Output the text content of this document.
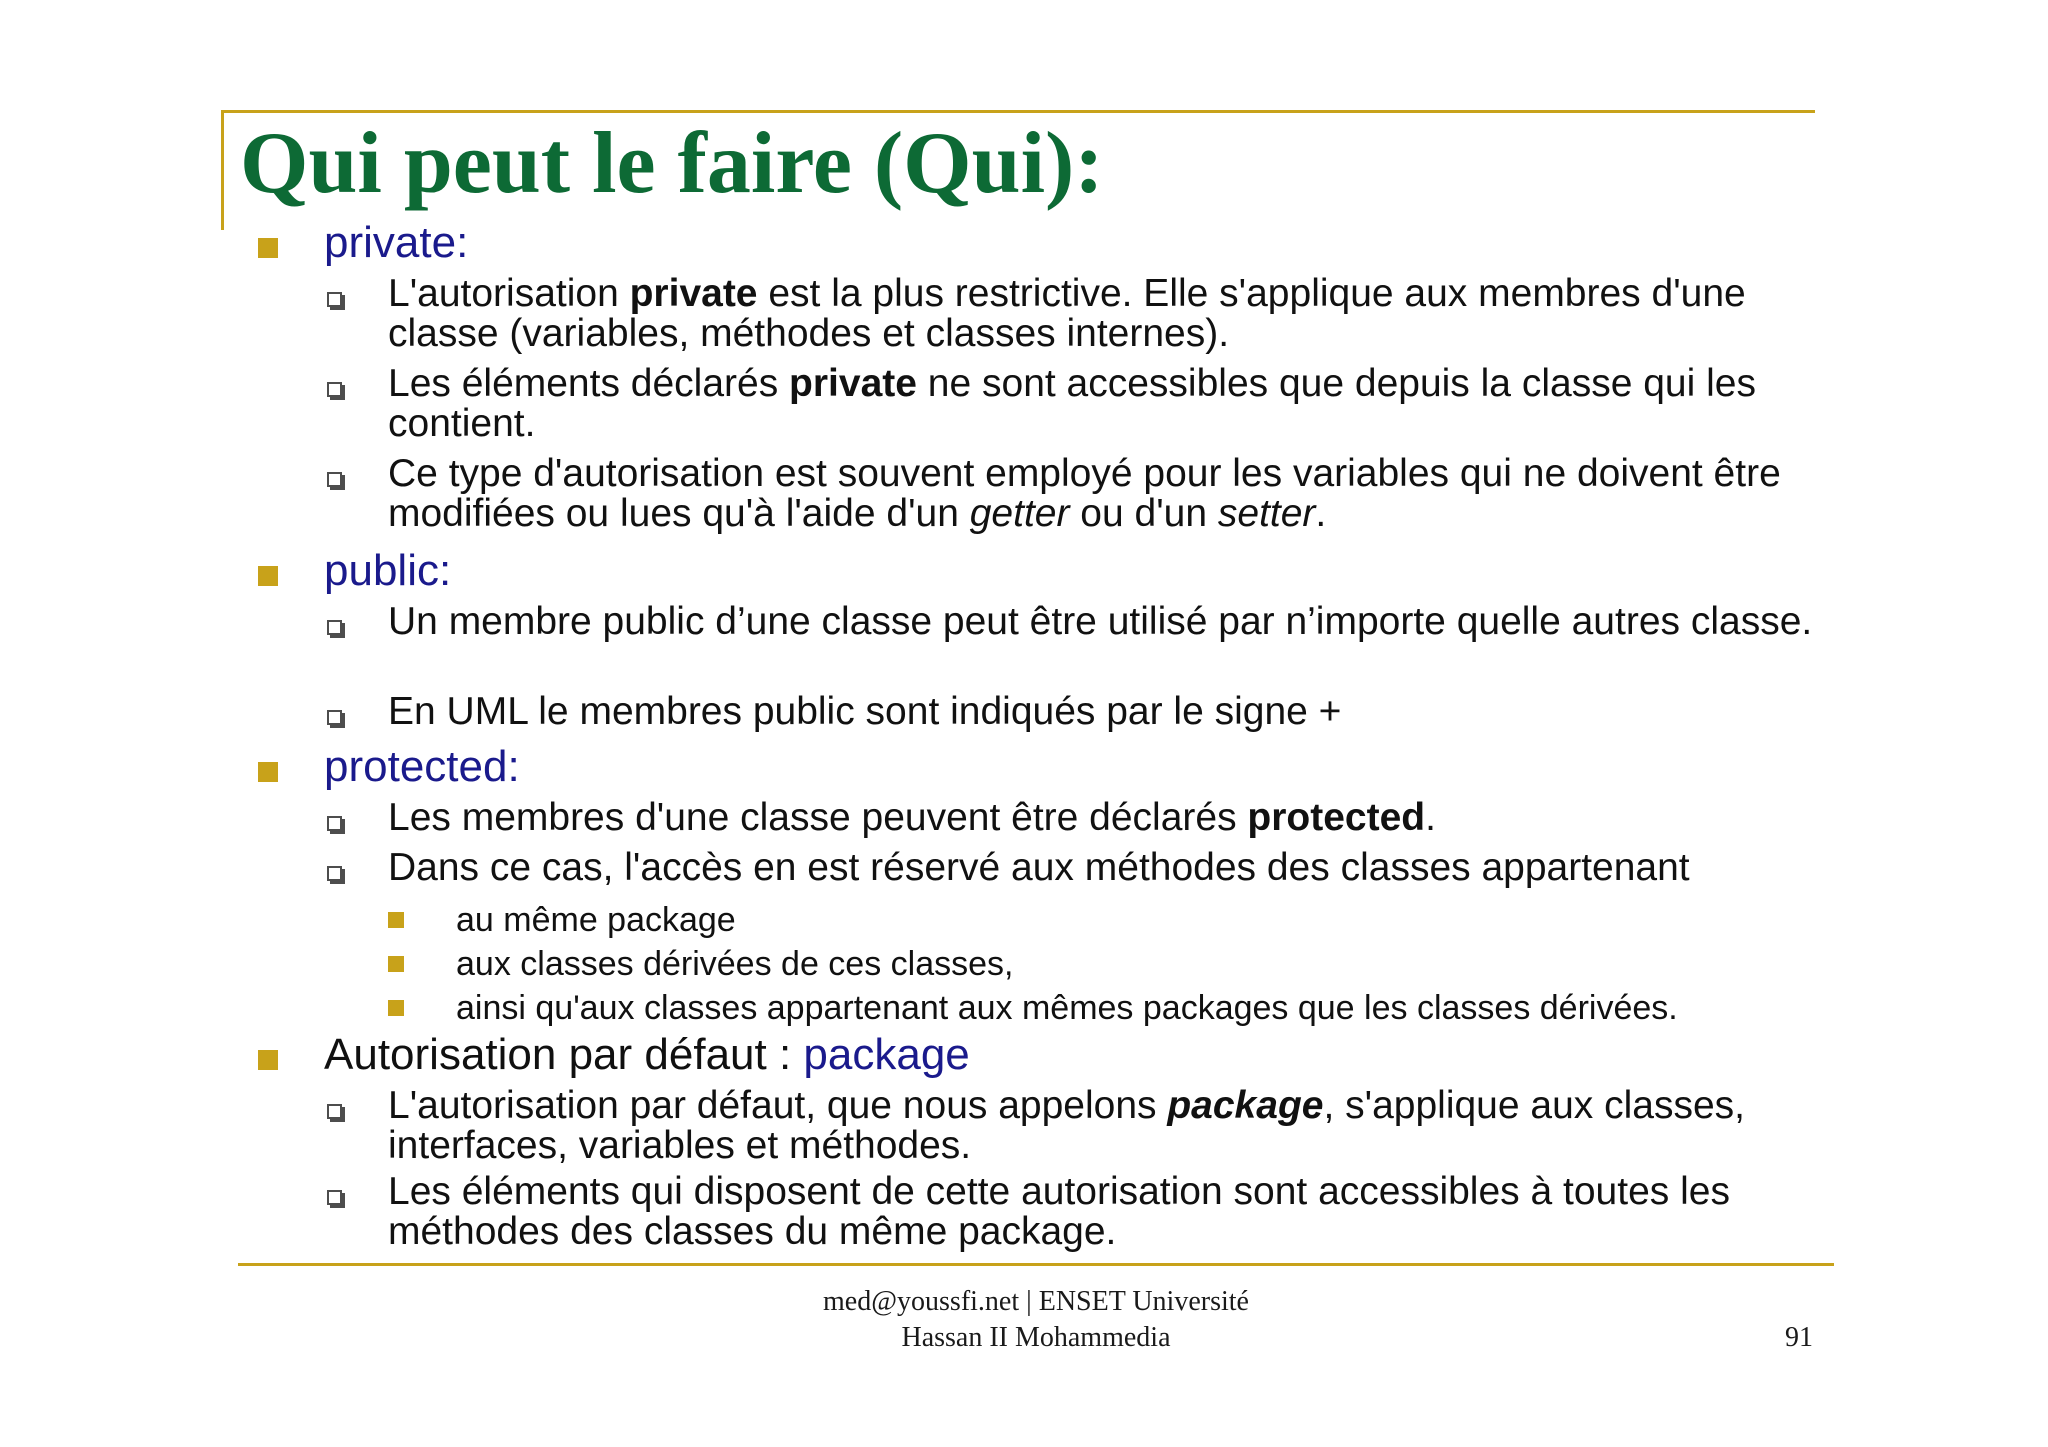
Qui peut le faire (Qui):
private:
L'autorisation private est la plus restrictive. Elle s'applique aux membres d'une classe (variables, méthodes et classes internes).
Les éléments déclarés private ne sont accessibles que depuis la classe qui les contient.
Ce type d'autorisation est souvent employé pour les variables qui ne doivent être modifiées ou lues qu'à l'aide d'un getter ou d'un setter.
public:
Un membre public d’une classe peut être utilisé par n’importe quelle autres classe.
En UML le membres public sont indiqués par le signe +
protected:
Les membres d'une classe peuvent être déclarés protected.
Dans ce cas, l'accès en est réservé aux méthodes des classes appartenant
au même package
aux classes dérivées de ces classes,
ainsi qu'aux classes appartenant aux mêmes packages que les classes dérivées.
Autorisation par défaut : package
L'autorisation par défaut, que nous appelons package, s'applique aux classes, interfaces, variables et méthodes.
Les éléments qui disposent de cette autorisation sont accessibles à toutes les méthodes des classes du même package.
med@youssfi.net | ENSET Université
Hassan II Mohammedia	91
